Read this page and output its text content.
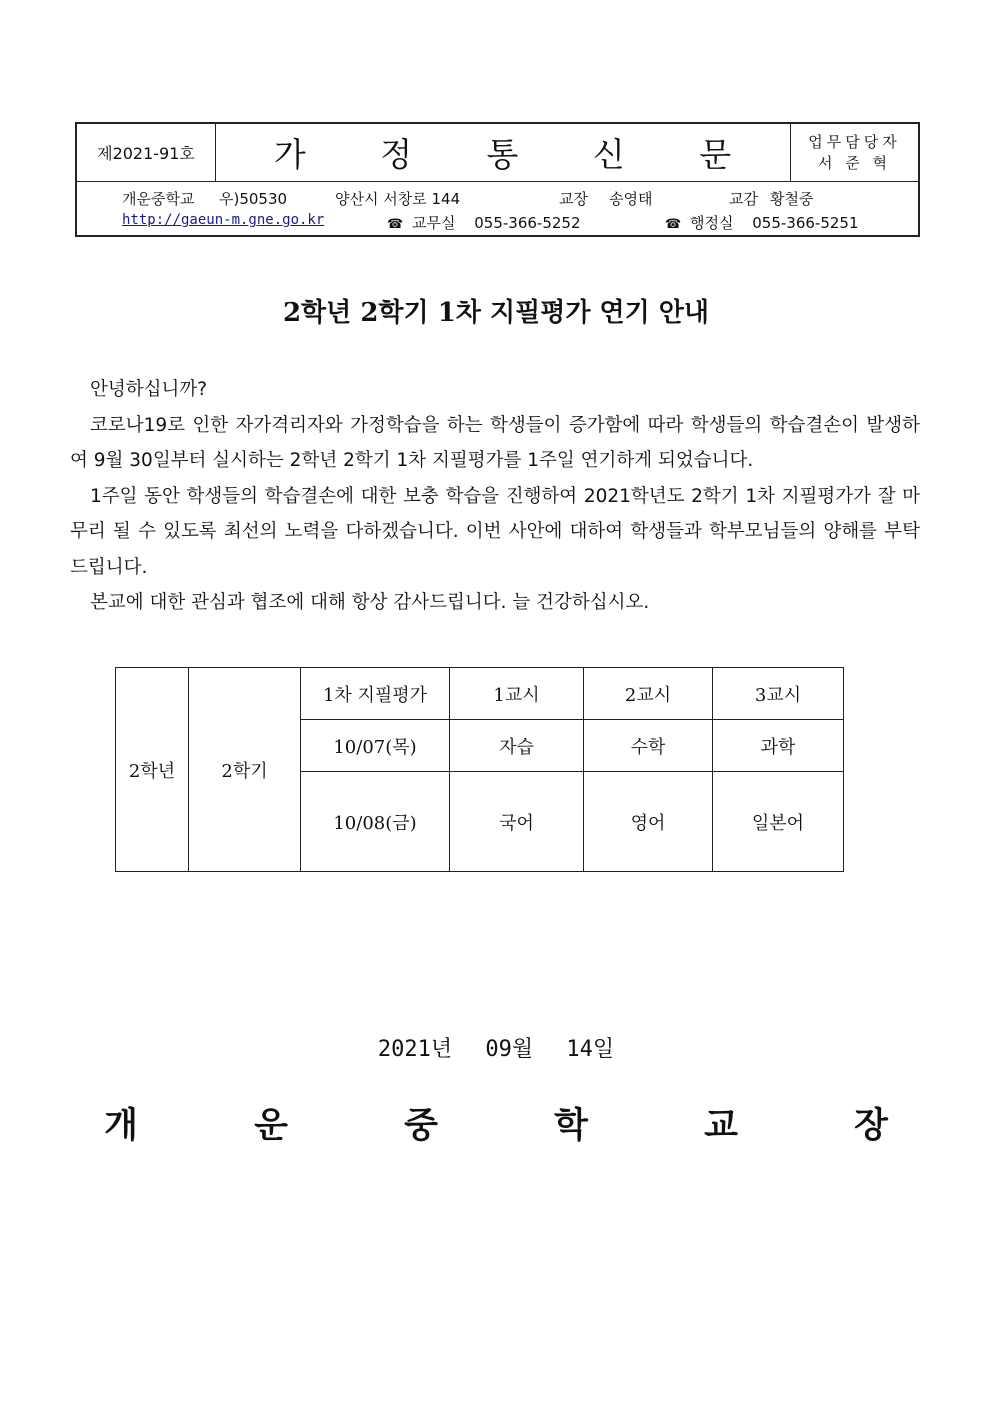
제2021-91호	가 정 통 신 문	업무담당자
서 준 혁
개운중학교 우)50530	양산시 서창로 144	교장 송영태	교감 황철중
http://gaeun-m.gne.go.kr	☎ 교무실 055-366-5252	☎ 행정실 055-366-5251
2학년 2학기 1차 지필평가 연기 안내

안녕하십니까?

코로나19로 인한 자가격리자와 가정학습을 하는 학생들이 증가함에 따라 학생들의 학습결손이 발생하여 9월 30일부터 실시하는 2학년 2학기 1차 지필평가를 1주일 연기하게 되었습니다.

1주일 동안 학생들의 학습결손에 대한 보충 학습을 진행하여 2021학년도 2학기 1차 지필평가가 잘 마무리 될 수 있도록 최선의 노력을 다하겠습니다. 이번 사안에 대하여 학생들과 학부모님들의 양해를 부탁드립니다.

본교에 대한 관심과 협조에 대해 항상 감사드립니다. 늘 건강하십시오.

2학년	2학기	1차 지필평가	1교시	2교시	3교시
		10/07(목)	자습	수학	과학
		10/08(금)	국어	영어	일본어
2021년 09월 14일
개 운 중 학 교 장
